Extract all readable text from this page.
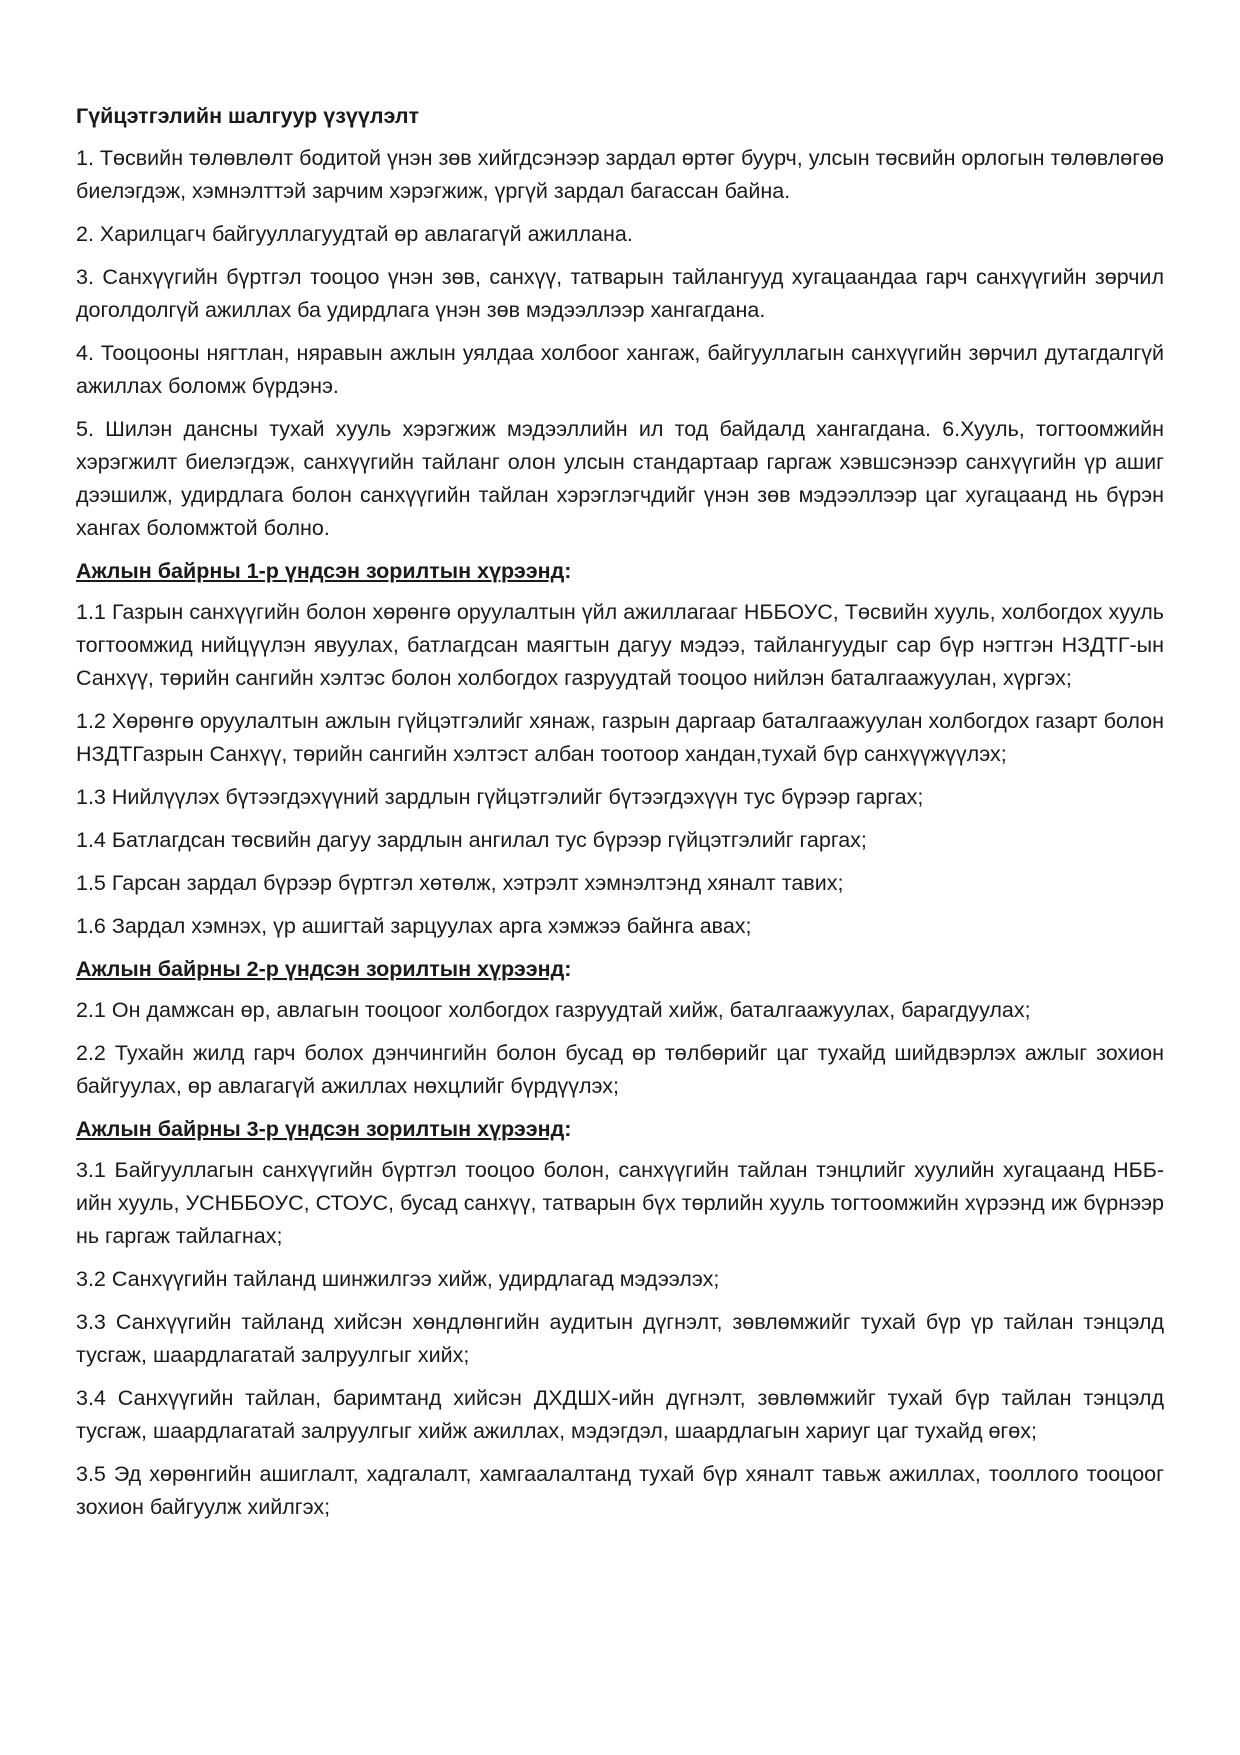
Гүйцэтгэлийн шалгуур үзүүлэлт

1. Төсвийн төлөвлөлт бодитой үнэн зөв хийгдсэнээр зардал өртөг буурч, улсын төсвийн орлогын төлөвлөгөө биелэгдэж, хэмнэлттэй зарчим хэрэгжиж, үргүй зардал багассан байна.

2. Харилцагч байгууллагуудтай өр авлагагүй ажиллана.

3. Санхүүгийн бүртгэл тооцоо үнэн зөв, санхүү, татварын тайлангууд хугацаандаа гарч санхүүгийн зөрчил доголдолгүй ажиллах ба удирдлага үнэн зөв мэдээллээр хангагдана.

4. Тооцооны нягтлан, няравын ажлын уялдаа холбоог хангаж, байгууллагын санхүүгийн зөрчил дутагдалгүй ажиллах боломж бүрдэнэ.

5. Шилэн дансны тухай хууль хэрэгжиж мэдээллийн ил тод байдалд хангагдана. 6.Хууль, тогтоомжийн хэрэгжилт биелэгдэж, санхүүгийн тайланг олон улсын стандартаар гаргаж хэвшсэнээр санхүүгийн үр ашиг дээшилж, удирдлага болон санхүүгийн тайлан хэрэглэгчдийг үнэн зөв мэдээллээр цаг хугацаанд нь бүрэн хангах боломжтой болно.

Ажлын байрны 1-р үндсэн зорилтын хүрээнд:

1.1 Газрын санхүүгийн болон хөрөнгө оруулалтын үйл ажиллагааг НББОУС, Төсвийн хууль, холбогдох хууль тогтоомжид нийцүүлэн явуулах, батлагдсан маягтын дагуу мэдээ, тайлангуудыг сар бүр нэгтгэн НЗДТГ-ын Санхүү, төрийн сангийн хэлтэс болон холбогдох газруудтай тооцоо нийлэн баталгаажуулан, хүргэх;

1.2 Хөрөнгө оруулалтын ажлын гүйцэтгэлийг хянаж, газрын даргаар баталгаажуулан холбогдох газарт болон НЗДТГазрын Санхүү, төрийн сангийн хэлтэст албан тоотоор хандан,тухай бүр санхүүжүүлэх;

1.3 Нийлүүлэх бүтээгдэхүүний зардлын гүйцэтгэлийг бүтээгдэхүүн тус бүрээр гаргах;

1.4 Батлагдсан төсвийн дагуу зардлын ангилал тус бүрээр гүйцэтгэлийг гаргах;

1.5 Гарсан зардал бүрээр бүртгэл хөтөлж, хэтрэлт хэмнэлтэнд хяналт тавих;

1.6 Зардал хэмнэх, үр ашигтай зарцуулах арга хэмжээ байнга авах;

Ажлын байрны 2-р үндсэн зорилтын хүрээнд:

2.1 Он дамжсан өр, авлагын тооцоог холбогдох газруудтай хийж, баталгаажуулах, барагдуулах;

2.2 Тухайн жилд гарч болох дэнчингийн болон бусад өр төлбөрийг цаг тухайд шийдвэрлэх ажлыг зохион байгуулах, өр авлагагүй ажиллах нөхцлийг бүрдүүлэх;

Ажлын байрны 3-р үндсэн зорилтын хүрээнд:

3.1 Байгууллагын санхүүгийн бүртгэл тооцоо болон, санхүүгийн тайлан тэнцлийг хуулийн хугацаанд НББ-ийн хууль, УСНББОУС, СТОУС, бусад санхүү, татварын бүх төрлийн хууль тогтоомжийн хүрээнд иж бүрнээр нь гаргаж тайлагнах;

3.2 Санхүүгийн тайланд шинжилгээ хийж, удирдлагад мэдээлэх;

3.3 Санхүүгийн тайланд хийсэн хөндлөнгийн аудитын дүгнэлт, зөвлөмжийг тухай бүр үр тайлан тэнцэлд тусгаж, шаардлагатай залруулгыг хийх;

3.4 Санхүүгийн тайлан, баримтанд хийсэн ДХДШХ-ийн дүгнэлт, зөвлөмжийг тухай бүр тайлан тэнцэлд тусгаж, шаардлагатай залруулгыг хийж ажиллах, мэдэгдэл, шаардлагын хариуг цаг тухайд өгөх;

3.5 Эд хөрөнгийн ашиглалт, хадгалалт, хамгаалалтанд тухай бүр хяналт тавьж ажиллах, тооллого тооцоог зохион байгуулж хийлгэх;
